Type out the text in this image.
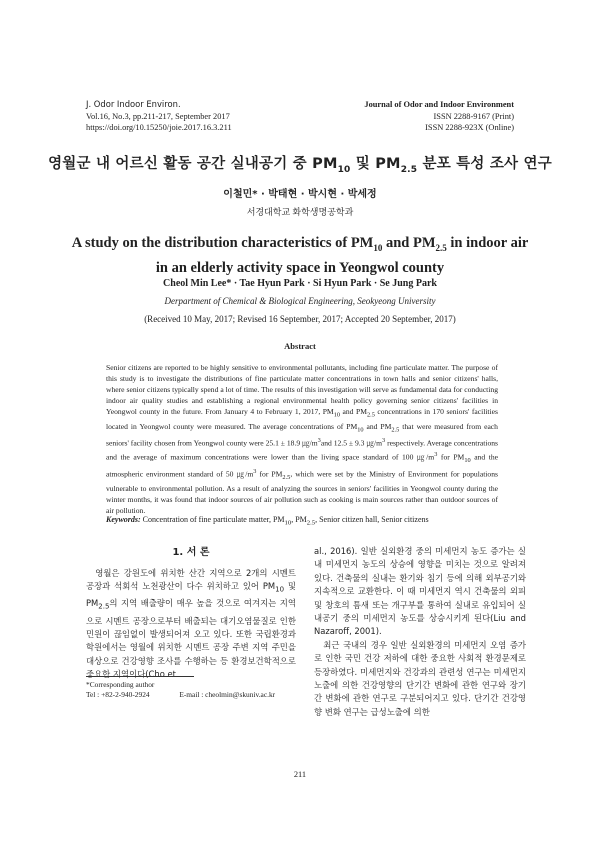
J. Odor Indoor Environ.
Vol.16, No.3, pp.211-217, September 2017
https://doi.org/10.15250/joie.2017.16.3.211
Journal of Odor and Indoor Environment
ISSN 2288-9167 (Print)
ISSN 2288-923X (Online)
영월군 내 어르신 활동 공간 실내공기 중 $PM_{10}$ 및 $PM_{2.5}$ 분포 특성 조사 연구
이철민* · 박태현 · 박시현 · 박세정
서경대학교 화학생명공학과
A study on the distribution characteristics of $PM_{10}$ and $PM_{2.5}$ in indoor air in an elderly activity space in Yeongwol county
Cheol Min Lee* · Tae Hyun Park · Si Hyun Park · Se Jung Park
Derpartment of Chemical & Biological Engineering, Seokyeong University
(Received 10 May, 2017; Revised 16 September, 2017; Accepted 20 September, 2017)
Abstract

Senior citizens are reported to be highly sensitive to environmental pollutants, including fine particulate matter. The purpose of this study is to investigate the distributions of fine particulate matter concentrations in town halls and senior citizens' halls, where senior citizens typically spend a lot of time. The results of this investigation will serve as fundamental data for conducting indoor air quality studies and establishing a regional environmental health policy governing senior citizens' facilities in Yeongwol county in the future. From January 4 to February 1, 2017, $PM_{10}$ and $PM_{2.5}$ concentrations in 170 seniors' facilities located in Yeongwol county were measured. The average concentrations of $PM_{10}$ and $PM_{2.5}$ that were measured from each seniors' facility chosen from Yeongwol county were 25.1 ± 18.9 $㎍/m^3and$ 12.5 ± 9.3 $㎍/m^3$ respectively. Average concentrations and the average of maximum concentrations were lower than the living space standard of 100 $㎍/m^3$ for $PM_{10}$ and the atmospheric environment standard of 50 $㎍/m^3$ for $PM_{2.5}$, which were set by the Ministry of Environment for populations vulnerable to environmental pollution. As a result of analyzing the sources in seniors' facilities in Yeongwol county during the winter months, it was found that indoor sources of air pollution such as cooking is main sources rather than outdoor sources of air pollution.

Keywords: Concentration of fine particulate matter, $PM_{10}$, $PM_{2.5}$, Senior citizen hall, Senior citizens
1. 서 론

영월은 강원도에 위치한 산간 지역으로 2개의 시멘트 공장과 석회석 노천광산이 다수 위치하고 있어 $PM_{10}$ 및 $PM_{2.5}$의 지역 배출량이 매우 높을 것으로 여겨지는 지역으로 시멘트 공장으로부터 배출되는 대기오염물질로 인한 민원이 끊임없이 발생되어져 오고 있다. 또한 국립환경과학원에서는 영월에 위치한 시멘트 공장 주변 지역 주민을 대상으로 건강영향 조사를 수행하는 등 환경보건학적으로 중요한 지역이다(Cho et

al., 2016). 일반 실외환경 중의 미세먼지 농도 증가는 실내 미세먼지 농도의 상승에 영향을 미치는 것으로 알려져 있다. 건축물의 실내는 환기와 침기 등에 의해 외부공기와 지속적으로 교환한다. 이 때 미세먼지 역시 건축물의 외피 및 창호의 틈새 또는 개구부를 통하여 실내로 유입되어 실내공기 중의 미세먼지 농도를 상승시키게 된다(Liu and Nazaroff, 2001).

최근 국내의 경우 일반 실외환경의 미세먼지 오염 증가로 인한 국민 건강 저하에 대한 중요한 사회적 환경문제로 등장하였다. 미세먼지와 건강과의 관련성 연구는 미세먼지 노출에 의한 건강영향의 단기간 변화에 관한 연구와 장기간 변화에 관한 연구로 구분되어지고 있다. 단기간 건강영향 변화 연구는 급성노출에 의한

*Corresponding author
Tel : +82-2-940-2924	E-mail : cheolmin@skuniv.ac.kr
211
